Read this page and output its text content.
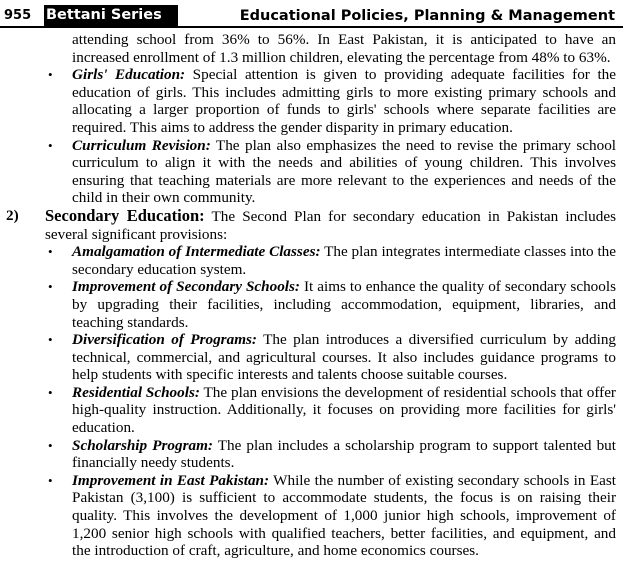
955 Bettani Series	Educational Policies, Planning & Management
attending school from 36% to 56%. In East Pakistan, it is anticipated to have an increased enrollment of 1.3 million children, elevating the percentage from 48% to 63%.
• Girls' Education: Special attention is given to providing adequate facilities for the education of girls. This includes admitting girls to more existing primary schools and allocating a larger proportion of funds to girls' schools where separate facilities are required. This aims to address the gender disparity in primary education.
• Curriculum Revision: The plan also emphasizes the need to revise the primary school curriculum to align it with the needs and abilities of young children. This involves ensuring that teaching materials are more relevant to the experiences and needs of the child in their own community.
2) Secondary Education: The Second Plan for secondary education in Pakistan includes several significant provisions:
• Amalgamation of Intermediate Classes: The plan integrates intermediate classes into the secondary education system.
• Improvement of Secondary Schools: It aims to enhance the quality of secondary schools by upgrading their facilities, including accommodation, equipment, libraries, and teaching standards.
• Diversification of Programs: The plan introduces a diversified curriculum by adding technical, commercial, and agricultural courses. It also includes guidance programs to help students with specific interests and talents choose suitable courses.
• Residential Schools: The plan envisions the development of residential schools that offer high-quality instruction. Additionally, it focuses on providing more facilities for girls' education.
• Scholarship Program: The plan includes a scholarship program to support talented but financially needy students.
• Improvement in East Pakistan: While the number of existing secondary schools in East Pakistan (3,100) is sufficient to accommodate students, the focus is on raising their quality. This involves the development of 1,000 junior high schools, improvement of 1,200 senior high schools with qualified teachers, better facilities, and equipment, and the introduction of craft, agriculture, and home economics courses.
